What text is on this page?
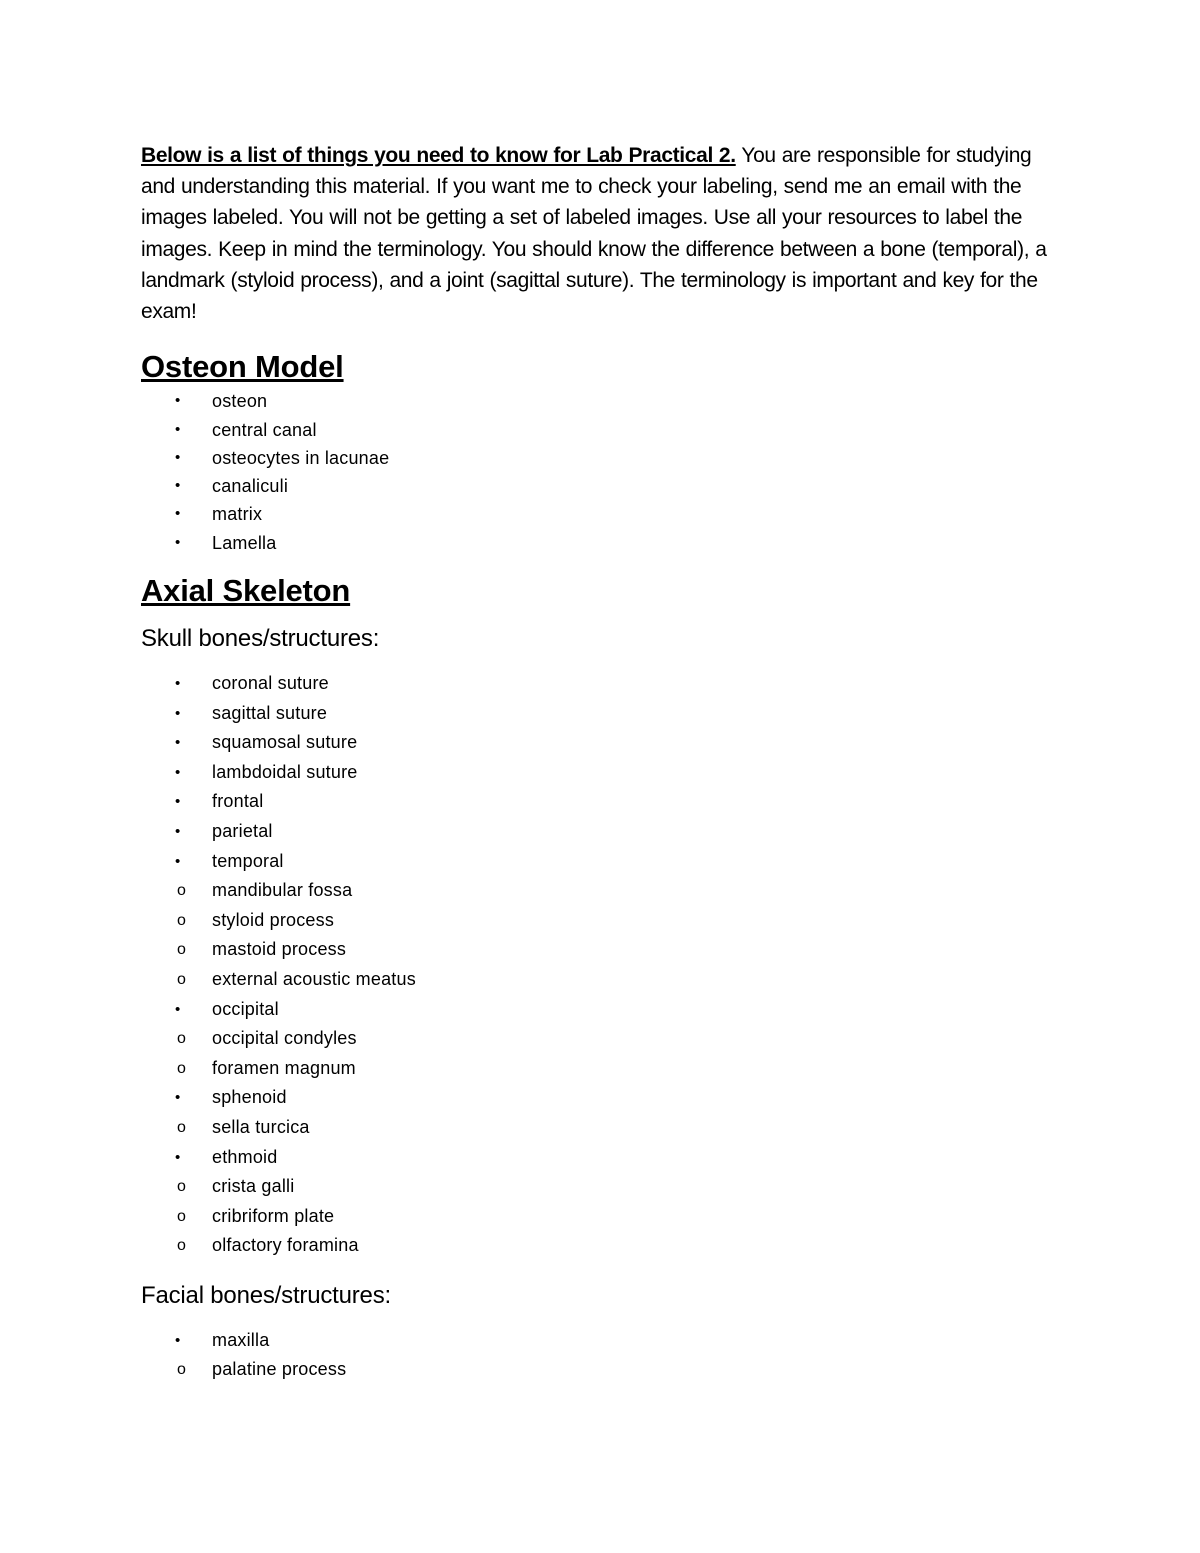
Below is a list of things you need to know for Lab Practical 2. You are responsible for studying and understanding this material. If you want me to check your labeling, send me an email with the images labeled. You will not be getting a set of labeled images. Use all your resources to label the images. Keep in mind the terminology. You should know the difference between a bone (temporal), a landmark (styloid process), and a joint (sagittal suture). The terminology is important and key for the exam!

Osteon Model
• osteon
• central canal
• osteocytes in lacunae
• canaliculi
• matrix
• Lamella
Axial Skeleton
Skull bones/structures:
• coronal suture
• sagittal suture
• squamosal suture
• lambdoidal suture
• frontal
• parietal
• temporal
o mandibular fossa
o styloid process
o mastoid process
o external acoustic meatus
• occipital
o occipital condyles
o foramen magnum
• sphenoid
o sella turcica
• ethmoid
o crista galli
o cribriform plate
o olfactory foramina
Facial bones/structures:
• maxilla
o palatine process
